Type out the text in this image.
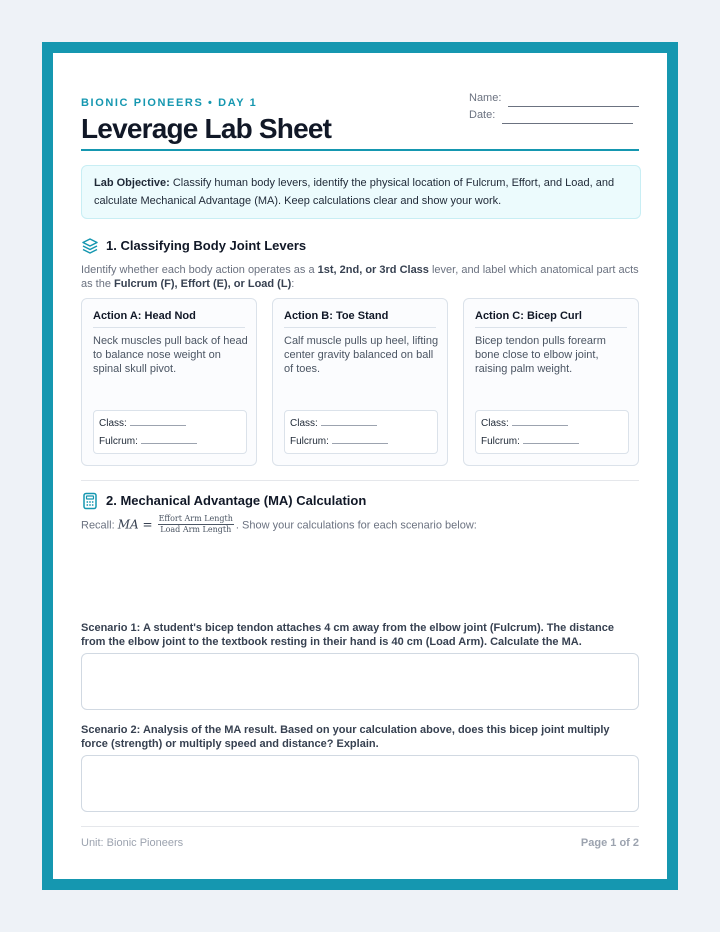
BIONIC PIONEERS • DAY 1
Leverage Lab Sheet
Name:
Date:
Lab Objective: Classify human body levers, identify the physical location of Fulcrum, Effort, and Load, and calculate Mechanical Advantage (MA). Keep calculations clear and show your work.
1. Classifying Body Joint Levers
Identify whether each body action operates as a 1st, 2nd, or 3rd Class lever, and label which anatomical part acts as the Fulcrum (F), Effort (E), or Load (L):
Action A: Head Nod
Neck muscles pull back of head to balance nose weight on spinal skull pivot.
Class:
Fulcrum:
Action B: Toe Stand
Calf muscle pulls up heel, lifting center gravity balanced on ball of toes.
Class:
Fulcrum:
Action C: Bicep Curl
Bicep tendon pulls forearm bone close to elbow joint, raising palm weight.
Class:
Fulcrum:
2. Mechanical Advantage (MA) Calculation
Recall: MA = $\frac{\text{Effort Arm Length}}{\text{Load Arm Length}}$ . Show your calculations for each scenario below:
Scenario 1: A student's bicep tendon attaches 4 cm away from the elbow joint (Fulcrum). The distance from the elbow joint to the textbook resting in their hand is 40 cm (Load Arm). Calculate the MA.
Scenario 2: Analysis of the MA result. Based on your calculation above, does this bicep joint multiply force (strength) or multiply speed and distance? Explain.
Unit: Bionic Pioneers	Page 1 of 2
